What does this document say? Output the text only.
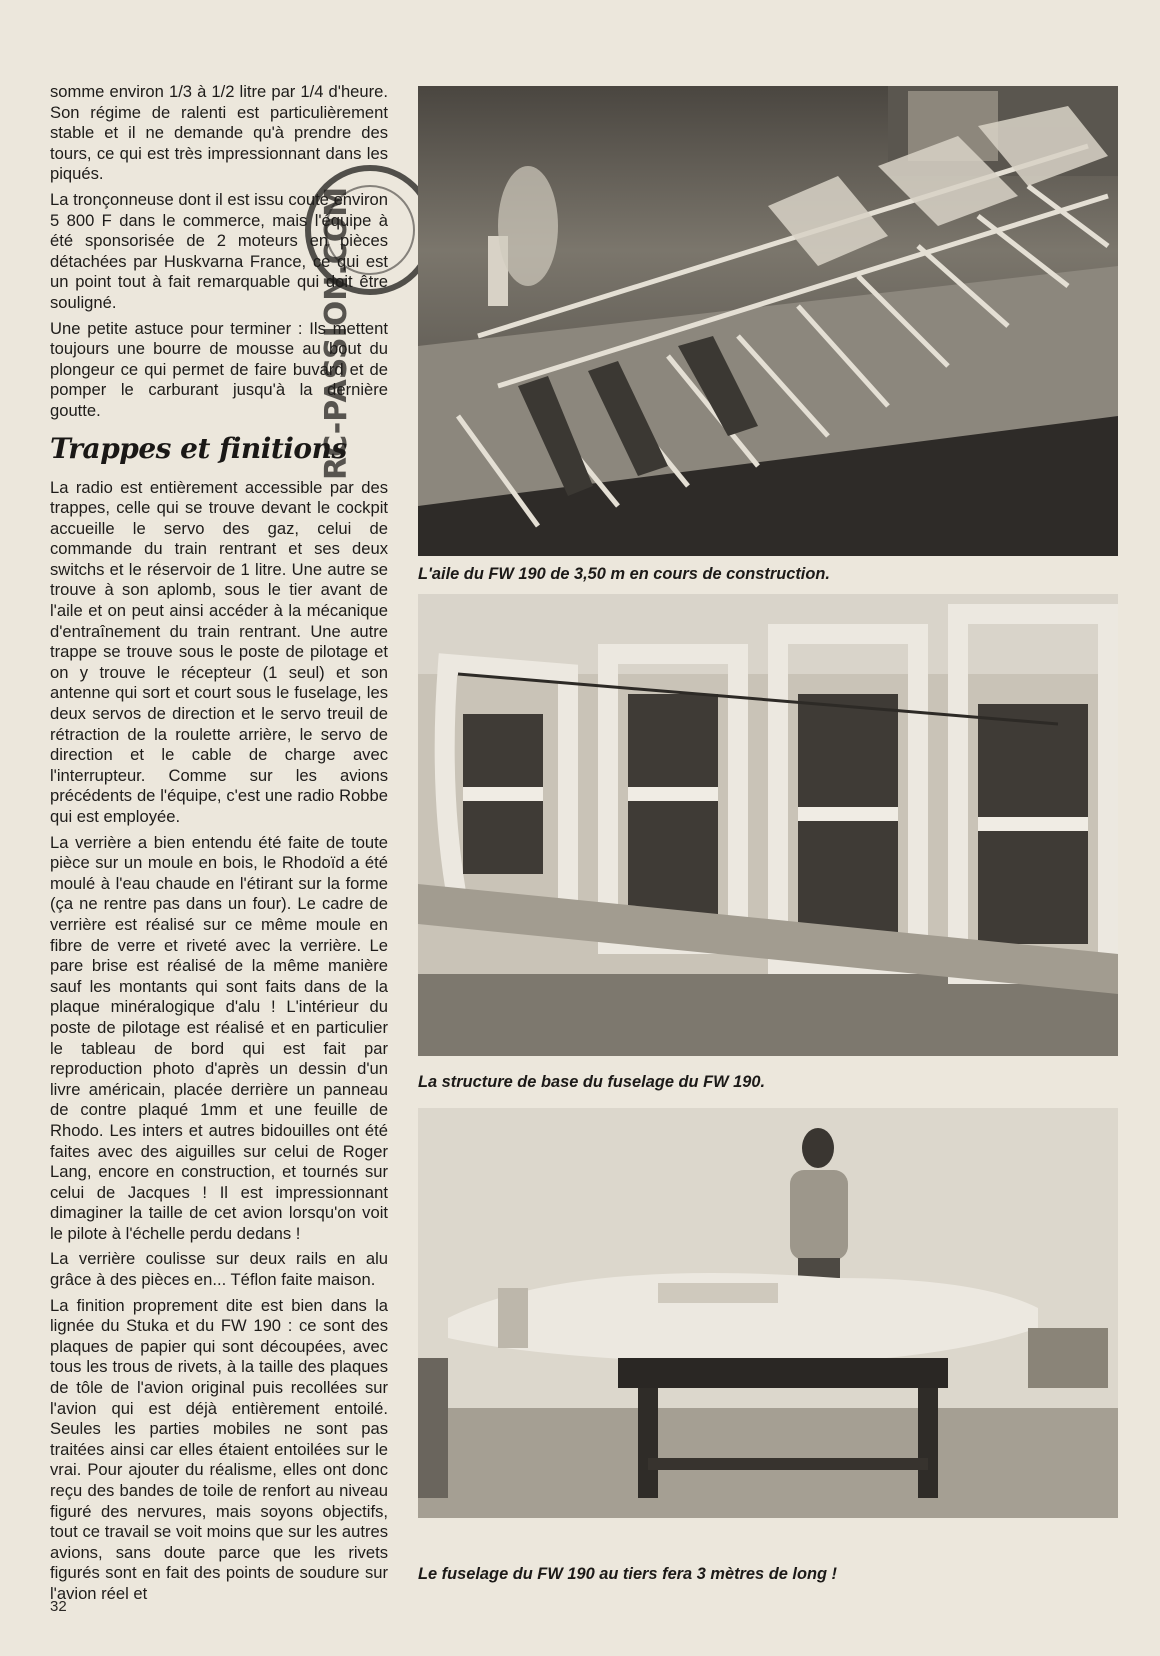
somme environ 1/3 à 1/2 litre par 1/4 d'heure. Son régime de ralenti est particulièrement stable et il ne demande qu'à prendre des tours, ce qui est très impressionnant dans les piqués.

La tronçonneuse dont il est issu coute environ 5 800 F dans le commerce, mais l'équipe à été sponsorisée de 2 moteurs en pièces détachées par Huskvarna France, ce qui est un point tout à fait remarquable qui doit être souligné.

Une petite astuce pour terminer : Ils mettent toujours une bourre de mousse au bout du plongeur ce qui permet de faire buvard et de pomper le carburant jusqu'à la dernière goutte.

Trappes et finitions

La radio est entièrement accessible par des trappes, celle qui se trouve devant le cockpit accueille le servo des gaz, celui de commande du train rentrant et ses deux switchs et le réservoir de 1 litre. Une autre se trouve à son aplomb, sous le tier avant de l'aile et on peut ainsi accéder à la mécanique d'entraînement du train rentrant. Une autre trappe se trouve sous le poste de pilotage et on y trouve le récepteur (1 seul) et son antenne qui sort et court sous le fuselage, les deux servos de direction et le servo treuil de rétraction de la roulette arrière, le servo de direction et le cable de charge avec l'interrupteur. Comme sur les avions précédents de l'équipe, c'est une radio Robbe qui est employée.

La verrière a bien entendu été faite de toute pièce sur un moule en bois, le Rhodoïd a été moulé à l'eau chaude en l'étirant sur la forme (ça ne rentre pas dans un four). Le cadre de verrière est réalisé sur ce même moule en fibre de verre et riveté avec la verrière. Le pare brise est réalisé de la même manière sauf les montants qui sont faits dans de la plaque minéralogique d'alu ! L'intérieur du poste de pilotage est réalisé et en particulier le tableau de bord qui est fait par reproduction photo d'après un dessin d'un livre américain, placée derrière un panneau de contre plaqué 1mm et une feuille de Rhodo. Les inters et autres bidouilles ont été faites avec des aiguilles sur celui de Roger Lang, encore en construction, et tournés sur celui de Jacques ! Il est impressionnant dimaginer la taille de cet avion lorsqu'on voit le pilote à l'échelle perdu dedans !

La verrière coulisse sur deux rails en alu grâce à des pièces en... Téflon faite maison.

La finition proprement dite est bien dans la lignée du Stuka et du FW 190 : ce sont des plaques de papier qui sont découpées, avec tous les trous de rivets, à la taille des plaques de tôle de l'avion original puis recollées sur l'avion qui est déjà entièrement entoilé. Seules les parties mobiles ne sont pas traitées ainsi car elles étaient entoilées sur le vrai. Pour ajouter du réalisme, elles ont donc reçu des bandes de toile de renfort au niveau figuré des nervures, mais soyons objectifs, tout ce travail se voit moins que sur les autres avions, sans doute parce que les rivets figurés sont en fait des points de soudure sur l'avion réel et

RC-PASSION.COM
L'aile du FW 190 de 3,50 m en cours de construction.
La structure de base du fuselage du FW 190.
Le fuselage du FW 190 au tiers fera 3 mètres de long !
32
